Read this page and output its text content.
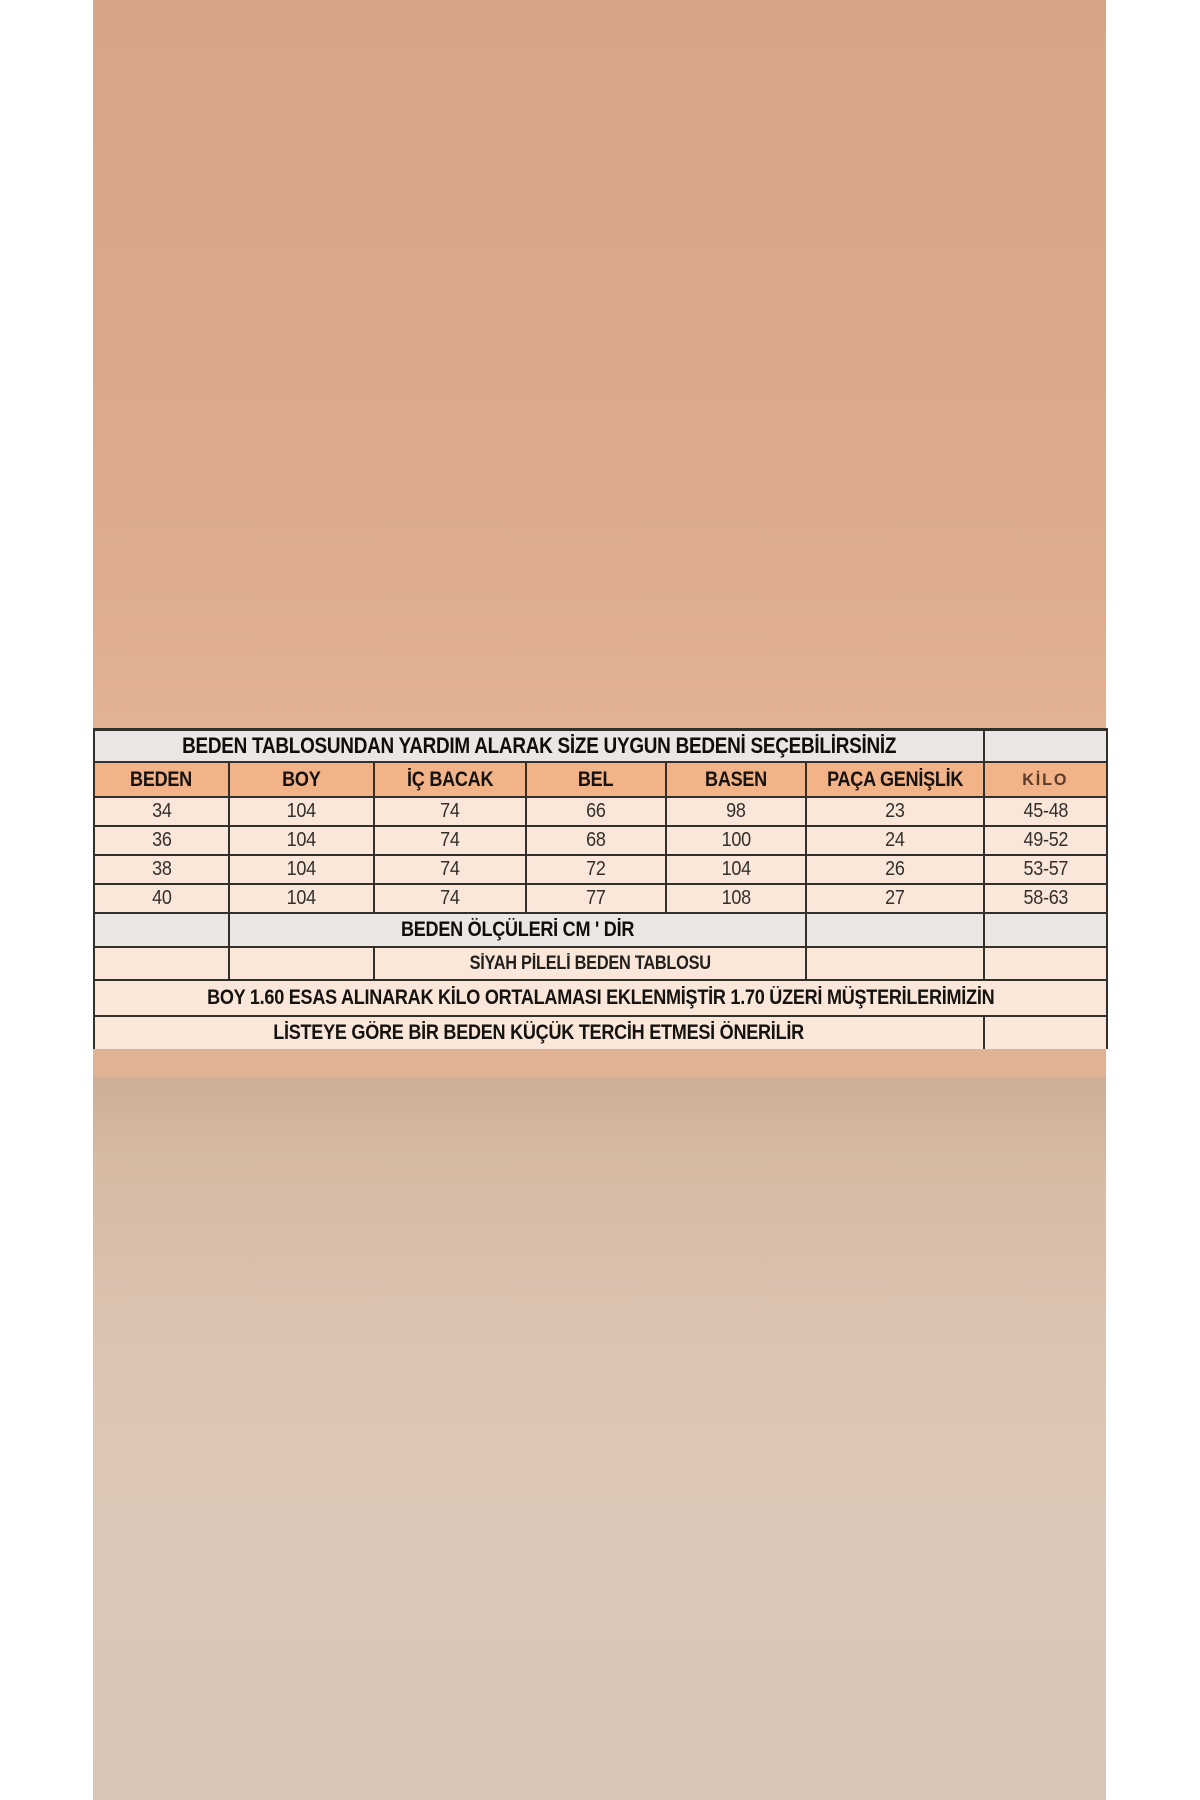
BEDEN TABLOSUNDAN YARDIM ALARAK SİZE UYGUN BEDENİ SEÇEBİLİRSİNİZ						
BEDEN	BOY	İÇ BACAK	BEL	BASEN	PAÇA GENİŞLİK	KİLO
34	104	74	66	98	23	45-48
36	104	74	68	100	24	49-52
38	104	74	72	104	26	53-57
40	104	74	77	108	27	58-63
	BEDEN ÖLÇÜLERİ CM ' DİR					
		SİYAH PİLELİ BEDEN TABLOSU				
BOY 1.60 ESAS ALINARAK KİLO ORTALAMASI EKLENMİŞTİR 1.70 ÜZERİ MÜŞTERİLERİMİZİN						
LİSTEYE GÖRE BİR BEDEN KÜÇÜK TERCİH ETMESİ ÖNERİLİR						
